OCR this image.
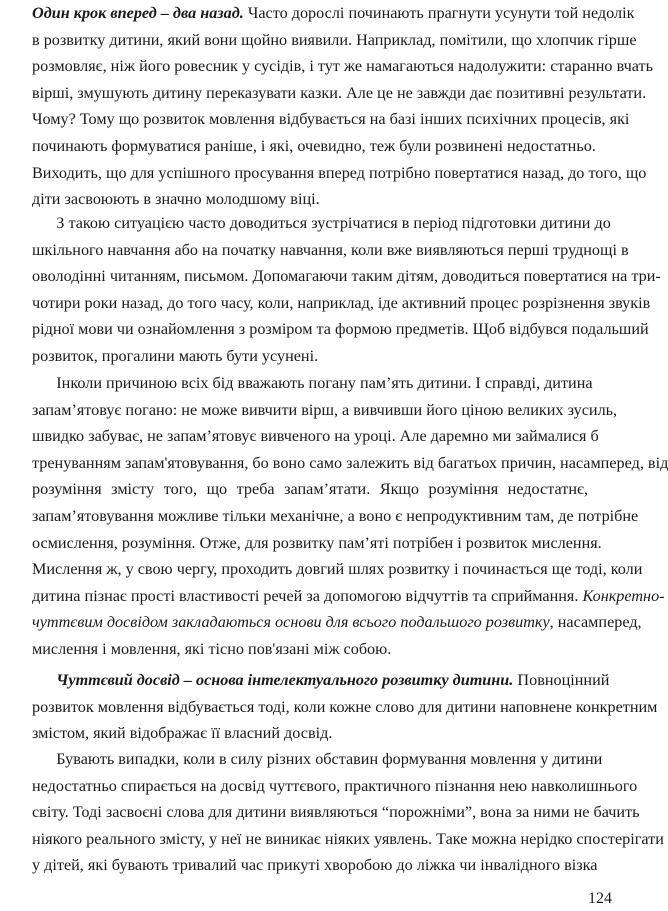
Один крок вперед – два назад. Часто дорослі починають прагнути усунути той недолік
в розвитку дитини, який вони щойно виявили. Наприклад, помітили, що хлопчик гірше
розмовляє, ніж його ровесник у сусідів, і тут же намагаються надолужити: старанно вчать
вірші, змушують дитину переказувати казки. Але це не завжди дає позитивні результати.
Чому? Тому що розвиток мовлення відбувається на базі інших психічних процесів, які
починають формуватися раніше, і які, очевидно, теж були розвинені недостатньо.
Виходить, що для успішного просування вперед потрібно повертатися назад, до того, що
діти засвоюють в значно молодшому віці.
З такою ситуацією часто доводиться зустрічатися в період підготовки дитини до
шкільного навчання або на початку навчання, коли вже виявляються перші труднощі в
оволодінні читанням, письмом. Допомагаючи таким дітям, доводиться повертатися на три-
чотири роки назад, до того часу, коли, наприклад, іде активний процес розрізнення звуків
рідної мови чи ознайомлення з розміром та формою предметів. Щоб відбувся подальший
розвиток, прогалини мають бути усунені.
Інколи причиною всіх бід вважають погану пам’ять дитини. І справді, дитина
запам’ятовує погано: не може вивчити вірш, а вивчивши його ціною великих зусиль,
швидко забуває, не запам’ятовує вивченого на уроці. Але даремно ми займалися б
тренуванням запам'ятовування, бо воно само залежить від багатьох причин, насамперед, від
розуміння змісту того, що треба запам’ятати. Якщо розуміння недостатнє,
запам’ятовування можливе тільки механічне, а воно є непродуктивним там, де потрібне
осмислення, розуміння. Отже, для розвитку пам’яті потрібен і розвиток мислення.
Мислення ж, у свою чергу, проходить довгий шлях розвитку і починається ще тоді, коли
дитина пізнає прості властивості речей за допомогою відчуттів та сприймання. Конкретно-
чуттєвим досвідом закладаються основи для всього подальшого розвитку, насамперед,
мислення і мовлення, які тісно пов'язані між собою.
Чуттєвий досвід – основа інтелектуального розвитку дитини. Повноцінний
розвиток мовлення відбувається тоді, коли кожне слово для дитини наповнене конкретним
змістом, який відображає її власний досвід.
Бувають випадки, коли в силу різних обставин формування мовлення у дитини
недостатньо спирається на досвід чуттєвого, практичного пізнання нею навколишнього
світу. Тоді засвоєні слова для дитини виявляються “порожніми”, вона за ними не бачить
ніякого реального змісту, у неї не виникає ніяких уявлень. Таке можна нерідко спостерігати
у дітей, які бувають тривалий час прикуті хворобою до ліжка чи інвалідного візка
124
